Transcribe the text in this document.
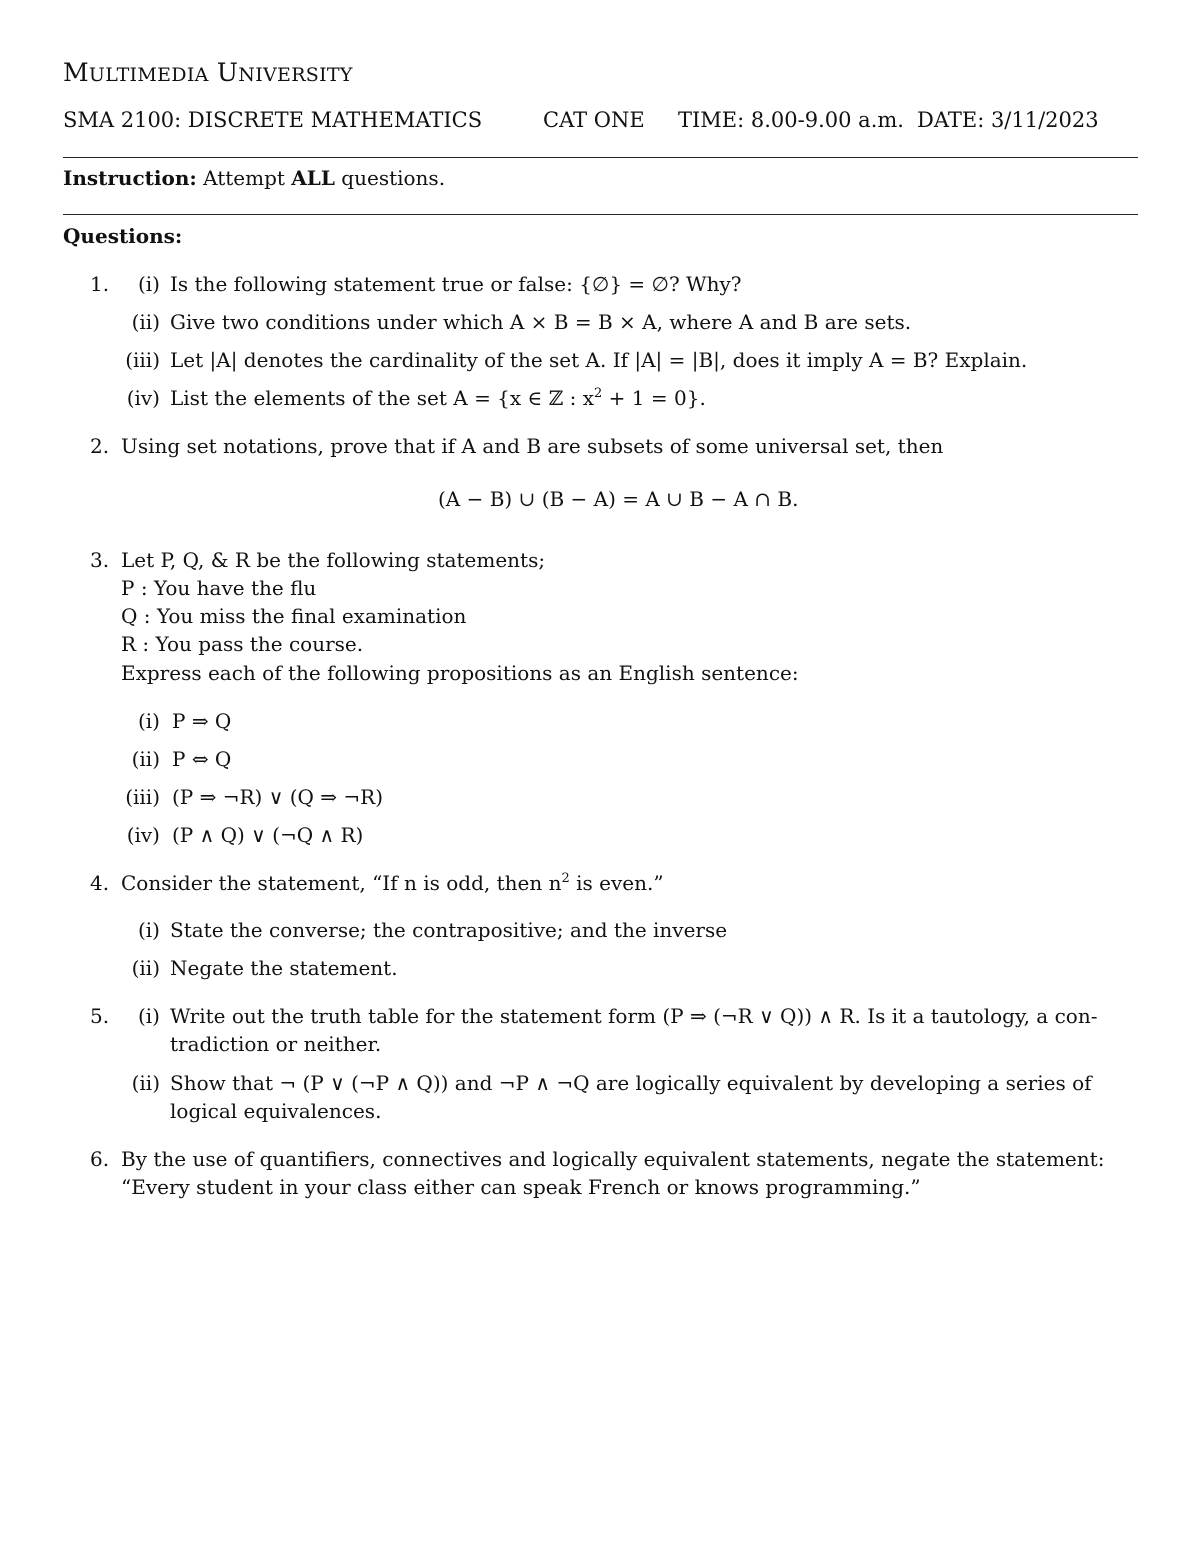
MULTIMEDIA UNIVERSITY
SMA 2100: DISCRETE MATHEMATICS	CAT ONE TIME: 8.00-9.00 a.m. DATE: 3/11/2023
Instruction: Attempt ALL questions.
Questions:
1.	(i) Is the following statement true or false: {∅} = ∅? Why?
(ii) Give two conditions under which A × B = B × A, where A and B are sets.
(iii) Let |A| denotes the cardinality of the set A. If |A| = |B|, does it imply A = B? Explain.
(iv) List the elements of the set A = {x ∈ ℤ : $x^2 + 1 = 0$}.
2. Using set notations, prove that if A and B are subsets of some universal set, then
(A − B) ∪ (B − A) = A ∪ B − A ∩ B.
3. Let P, Q, & R be the following statements;
P : You have the flu
Q : You miss the final examination
R : You pass the course.
Express each of the following propositions as an English sentence:
(i) P ⇒ Q
(ii) P ⇔ Q
(iii) (P ⇒ ¬R) ∨ (Q ⇒ ¬R)
(iv) (P ∧ Q) ∨ (¬Q ∧ R)
4. Consider the statement, “If n is odd, then $n^2$ is even.”
(i) State the converse; the contrapositive; and the inverse
(ii) Negate the statement.
5.	(i) Write out the truth table for the statement form (P ⇒ (¬R ∨ Q)) ∧ R. Is it a tautology, a con-
tradiction or neither.
(ii) Show that ¬ (P ∨ (¬P ∧ Q)) and ¬P ∧ ¬Q are logically equivalent by developing a series of
logical equivalences.
6. By the use of quantifiers, connectives and logically equivalent statements, negate the statement:
“Every student in your class either can speak French or knows programming.”
